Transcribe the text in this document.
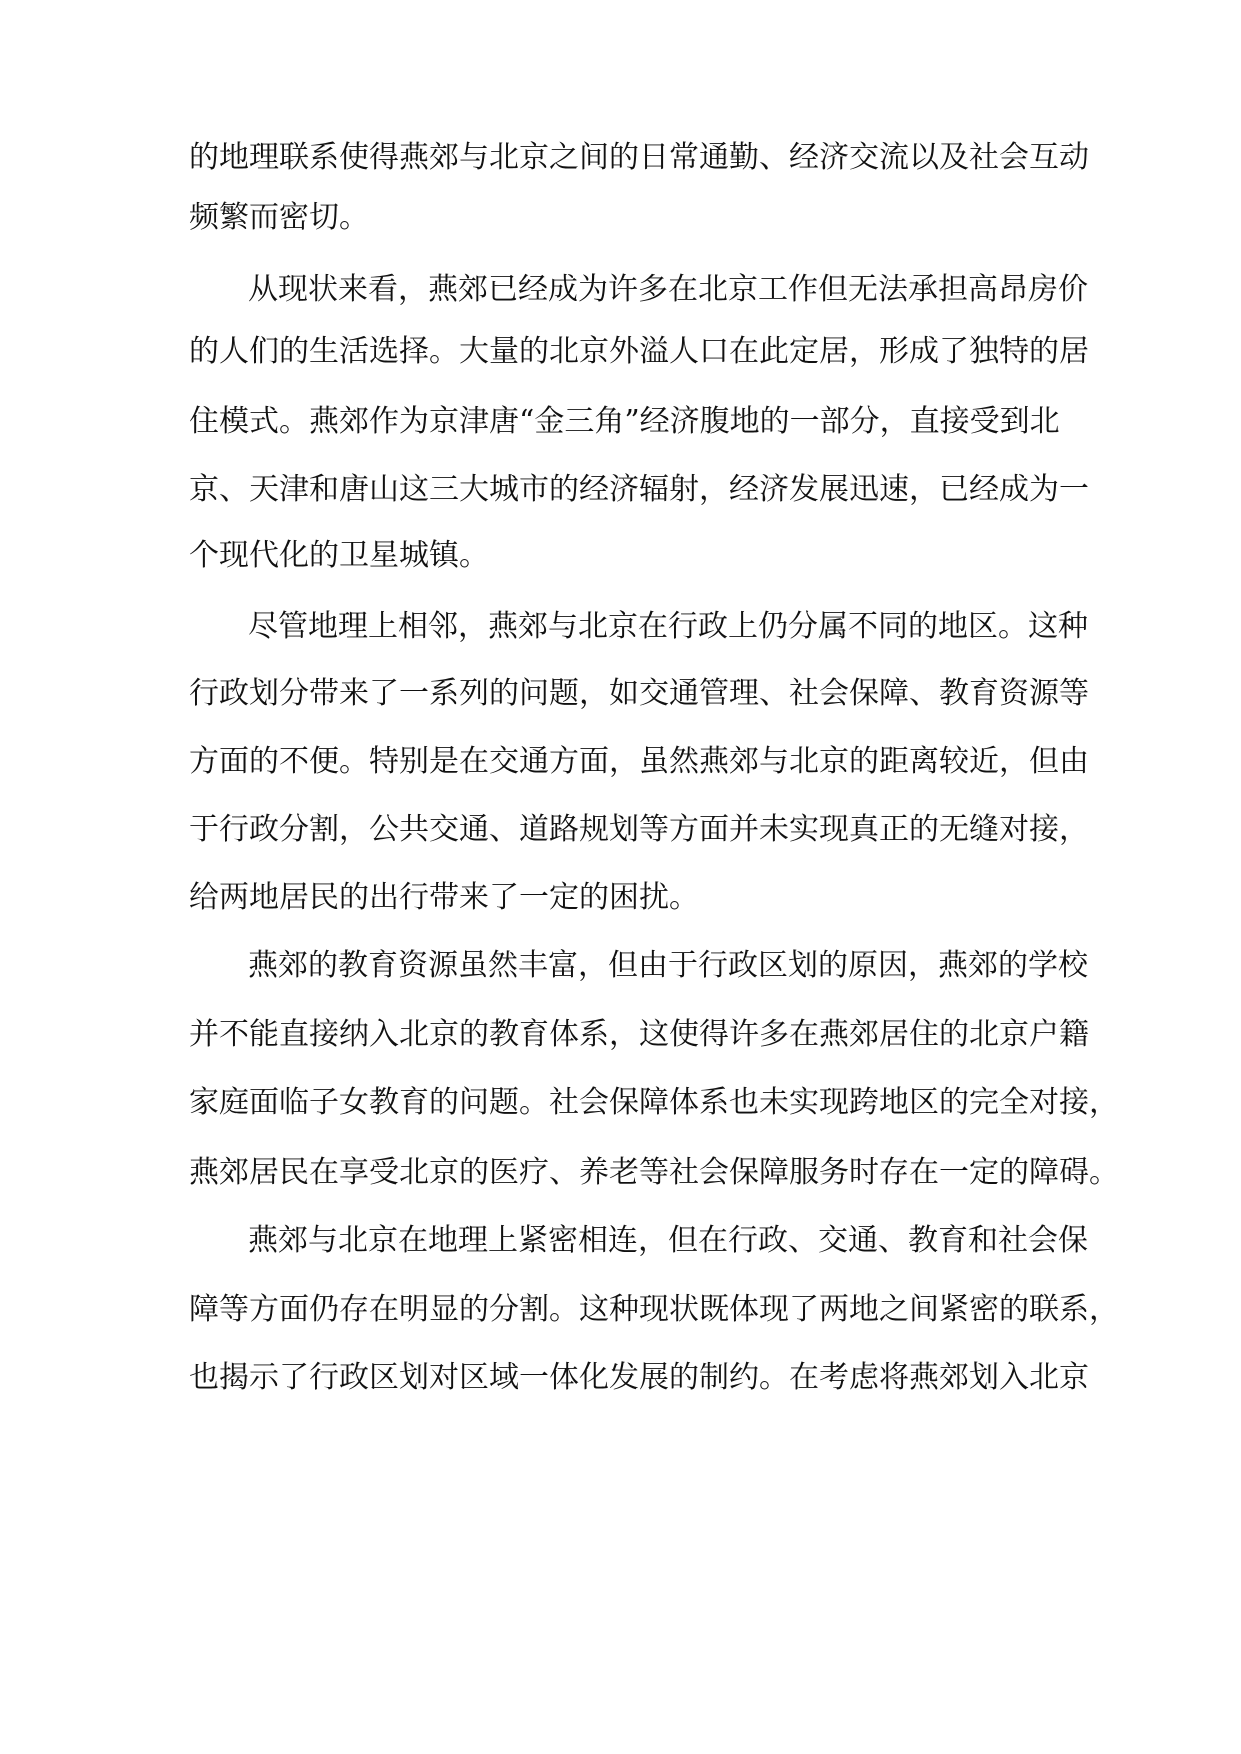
的地理联系使得燕郊与北京之间的日常通勤、经济交流以及社会互动
频繁而密切。
从现状来看，燕郊已经成为许多在北京工作但无法承担高昂房价
的人们的生活选择。大量的北京外溢人口在此定居，形成了独特的居
住模式。燕郊作为京津唐“金三角”经济腹地的一部分，直接受到北
京、天津和唐山这三大城市的经济辐射，经济发展迅速，已经成为一
个现代化的卫星城镇。
尽管地理上相邻，燕郊与北京在行政上仍分属不同的地区。这种
行政划分带来了一系列的问题，如交通管理、社会保障、教育资源等
方面的不便。特别是在交通方面，虽然燕郊与北京的距离较近，但由
于行政分割，公共交通、道路规划等方面并未实现真正的无缝对接，
给两地居民的出行带来了一定的困扰。
燕郊的教育资源虽然丰富，但由于行政区划的原因，燕郊的学校
并不能直接纳入北京的教育体系，这使得许多在燕郊居住的北京户籍
家庭面临子女教育的问题。社会保障体系也未实现跨地区的完全对接，
燕郊居民在享受北京的医疗、养老等社会保障服务时存在一定的障碍。
燕郊与北京在地理上紧密相连，但在行政、交通、教育和社会保
障等方面仍存在明显的分割。这种现状既体现了两地之间紧密的联系，
也揭示了行政区划对区域一体化发展的制约。在考虑将燕郊划入北京
